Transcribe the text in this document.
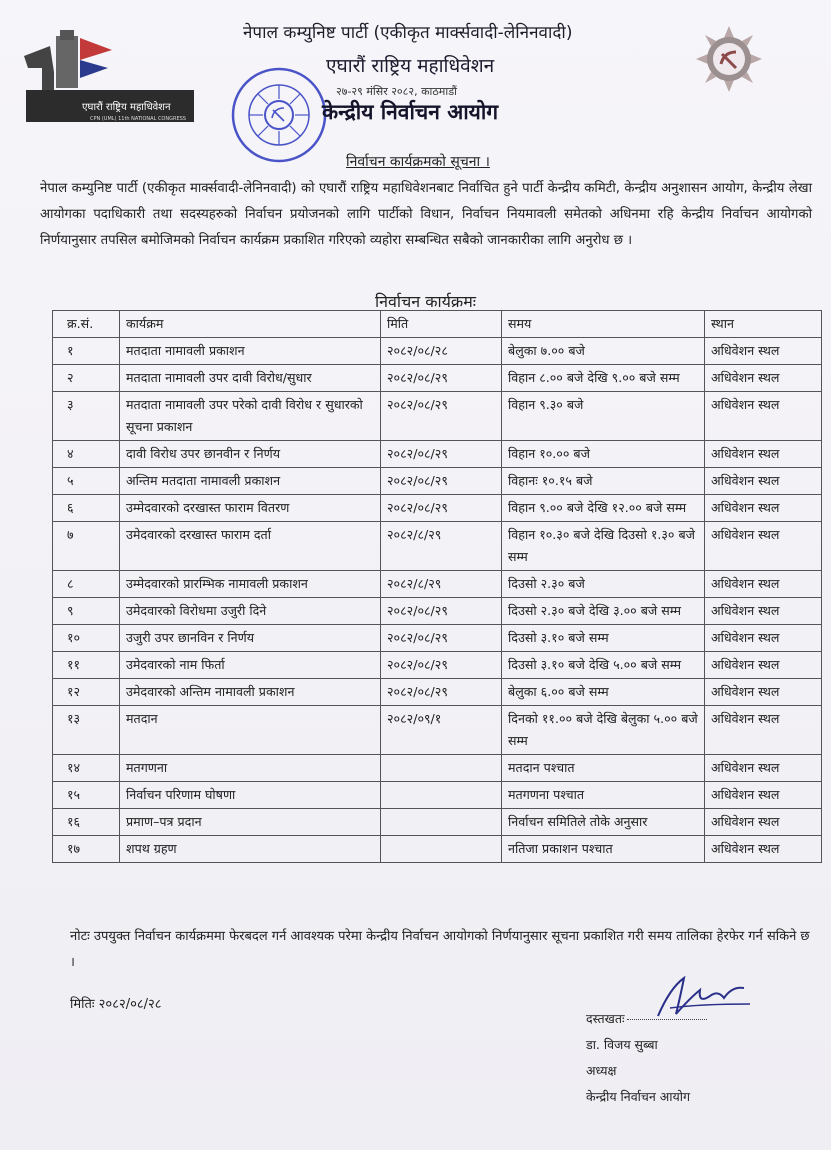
एघारौं राष्ट्रिय महाधिवेशन
CPN (UML) 11th NATIONAL CONGRESS
नेपाल कम्युनिष्ट पार्टी (एकीकृत मार्क्सवादी-लेनिनवादी)
एघारौं राष्ट्रिय महाधिवेशन
२७-२९ मंसिर २०८२, काठमाडौं
केन्द्रीय निर्वाचन आयोग
निर्वाचन कार्यक्रमको सूचना ।
नेपाल कम्युनिष्ट पार्टी (एकीकृत मार्क्सवादी-लेनिनवादी) को एघारौं राष्ट्रिय महाधिवेशनबाट निर्वाचित हुने पार्टी केन्द्रीय कमिटी, केन्द्रीय अनुशासन आयोग, केन्द्रीय लेखा आयोगका पदाधिकारी तथा सदस्यहरुको निर्वाचन प्रयोजनको लागि पार्टीको विधान, निर्वाचन नियमावली समेतको अधिनमा रहि केन्द्रीय निर्वाचन आयोगको निर्णयानुसार तपसिल बमोजिमको निर्वाचन कार्यक्रम प्रकाशित गरिएको व्यहोरा सम्बन्धित सबैको जानकारीका लागि अनुरोध छ ।
निर्वाचन कार्यक्रमः
क्र.सं.	कार्यक्रम	मिति	समय	स्थान
१	मतदाता नामावली प्रकाशन	२०८२/०८/२८	बेलुका ७.०० बजे	अधिवेशन स्थल
२	मतदाता नामावली उपर दावी विरोध/सुधार	२०८२/०८/२९	विहान ८.०० बजे देखि ९.०० बजे सम्म	अधिवेशन स्थल
३	मतदाता नामावली उपर परेको दावी विरोध र सुधारको सूचना प्रकाशन	२०८२/०८/२९	विहान ९.३० बजे	अधिवेशन स्थल
४	दावी विरोध उपर छानवीन र निर्णय	२०८२/०८/२९	विहान १०.०० बजे	अधिवेशन स्थल
५	अन्तिम मतदाता नामावली प्रकाशन	२०८२/०८/२९	विहानः १०.१५ बजे	अधिवेशन स्थल
६	उम्मेदवारको दरखास्त फाराम वितरण	२०८२/०८/२९	विहान ९.०० बजे देखि १२.०० बजे सम्म	अधिवेशन स्थल
७	उमेदवारको दरखास्त फाराम दर्ता	२०८२/८/२९	विहान १०.३० बजे देखि दिउसो १.३० बजे सम्म	अधिवेशन स्थल
८	उम्मेदवारको प्रारम्भिक नामावली प्रकाशन	२०८२/८/२९	दिउसो २.३० बजे	अधिवेशन स्थल
९	उमेदवारको विरोधमा उजुरी दिने	२०८२/०८/२९	दिउसो २.३० बजे देखि ३.०० बजे सम्म	अधिवेशन स्थल
१०	उजुरी उपर छानविन र निर्णय	२०८२/०८/२९	दिउसो ३.१० बजे सम्म	अधिवेशन स्थल
११	उमेदवारको नाम फिर्ता	२०८२/०८/२९	दिउसो ३.१० बजे देखि ५.०० बजे सम्म	अधिवेशन स्थल
१२	उमेदवारको अन्तिम नामावली प्रकाशन	२०८२/०८/२९	बेलुका ६.०० बजे सम्म	अधिवेशन स्थल
१३	मतदान	२०८२/०९/१	दिनको ११.०० बजे देखि बेलुका ५.०० बजे सम्म	अधिवेशन स्थल
१४	मतगणना		मतदान पश्चात	अधिवेशन स्थल
१५	निर्वाचन परिणाम घोषणा		मतगणना पश्चात	अधिवेशन स्थल
१६	प्रमाण–पत्र प्रदान		निर्वाचन समितिले तोके अनुसार	अधिवेशन स्थल
१७	शपथ ग्रहण		नतिजा प्रकाशन पश्चात	अधिवेशन स्थल
नोटः उपयुक्त निर्वाचन कार्यक्रममा फेरबदल गर्न आवश्यक परेमा केन्द्रीय निर्वाचन आयोगको निर्णयानुसार सूचना प्रकाशित गरी समय तालिका हेरफेर गर्न सकिने छ ।
मितिः २०८२/०८/२८
दस्तखतः
डा. विजय सुब्बा
अध्यक्ष
केन्द्रीय निर्वाचन आयोग
